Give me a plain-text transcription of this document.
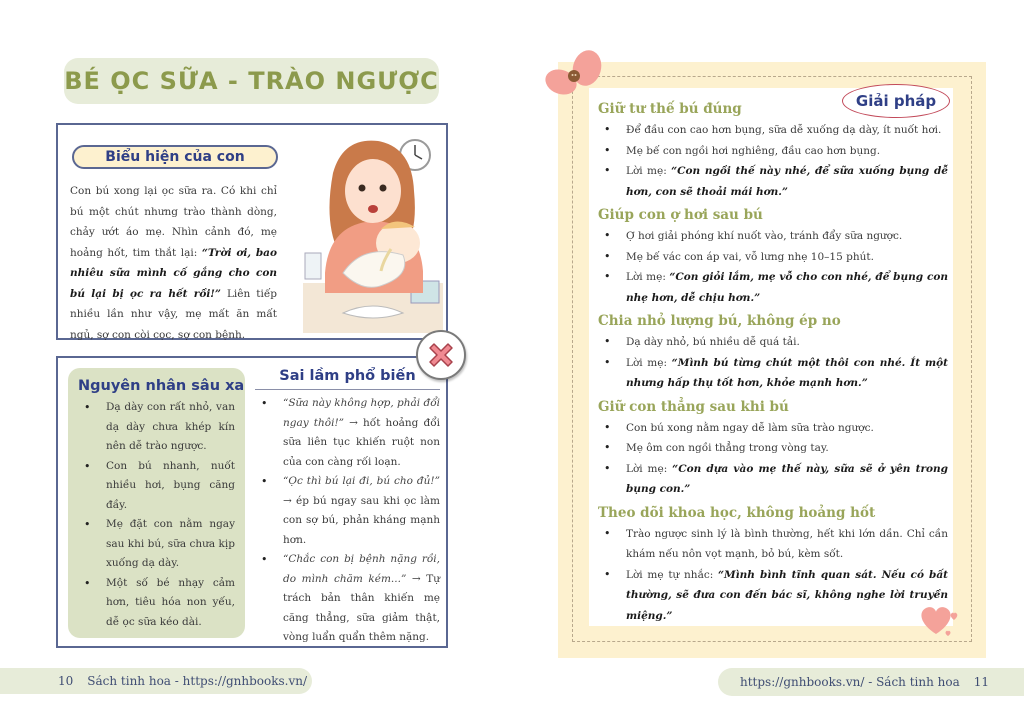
BÉ ỌC SỮA - TRÀO NGƯỢC
Biểu hiện của con

Con bú xong lại ọc sữa ra. Có khi chỉ bú một chút nhưng trào thành dòng, chảy ướt áo mẹ. Nhìn cảnh đó, mẹ hoảng hốt, tim thắt lại: “Trời ơi, bao nhiêu sữa mình cố gắng cho con bú lại bị ọc ra hết rồi!” Liên tiếp nhiều lần như vậy, mẹ mất ăn mất ngủ, sợ con còi cọc, sợ con bệnh.

Nguyên nhân sâu xa
• Dạ dày con rất nhỏ, van dạ dày chưa khép kín nên dễ trào ngược.
• Con bú nhanh, nuốt nhiều hơi, bụng căng đầy.
• Mẹ đặt con nằm ngay sau khi bú, sữa chưa kịp xuống dạ dày.
• Một số bé nhạy cảm hơn, tiêu hóa non yếu, dễ ọc sữa kéo dài.
Sai lầm phổ biến
• “Sữa này không hợp, phải đổi ngay thôi!” → hốt hoảng đổi sữa liên tục khiến ruột non của con càng rối loạn.
• “Ọc thì bú lại đi, bú cho đủ!” → ép bú ngay sau khi ọc làm con sợ bú, phản kháng mạnh hơn.
• “Chắc con bị bệnh nặng rồi, do mình chăm kém...” → Tự trách bản thân khiến mẹ căng thẳng, sữa giảm thật, vòng luẩn quẩn thêm nặng.
10 Sách tinh hoa - https://gnhbooks.vn/
Giải pháp
Giữ tư thế bú đúng
• Để đầu con cao hơn bụng, sữa dễ xuống dạ dày, ít nuốt hơi.
• Mẹ bế con ngồi hơi nghiêng, đầu cao hơn bụng.
• Lời mẹ: “Con ngồi thế này nhé, để sữa xuống bụng dễ hơn, con sẽ thoải mái hơn.”
Giúp con ợ hơi sau bú
• Ợ hơi giải phóng khí nuốt vào, tránh đẩy sữa ngược.
• Mẹ bế vác con áp vai, vỗ lưng nhẹ 10–15 phút.
• Lời mẹ: “Con giỏi lắm, mẹ vỗ cho con nhé, để bụng con nhẹ hơn, dễ chịu hơn.”
Chia nhỏ lượng bú, không ép no
• Dạ dày nhỏ, bú nhiều dễ quá tải.
• Lời mẹ: “Mình bú từng chút một thôi con nhé. Ít một nhưng hấp thụ tốt hơn, khỏe mạnh hơn.”
Giữ con thẳng sau khi bú
• Con bú xong nằm ngay dễ làm sữa trào ngược.
• Mẹ ôm con ngồi thẳng trong vòng tay.
• Lời mẹ: “Con dựa vào mẹ thế này, sữa sẽ ở yên trong bụng con.”
Theo dõi khoa học, không hoảng hốt
• Trào ngược sinh lý là bình thường, hết khi lớn dần. Chỉ cần khám nếu nôn vọt mạnh, bỏ bú, kèm sốt.
• Lời mẹ tự nhắc: “Mình bình tĩnh quan sát. Nếu có bất thường, sẽ đưa con đến bác sĩ, không nghe lời truyền miệng.”
https://gnhbooks.vn/ - Sách tinh hoa 11
